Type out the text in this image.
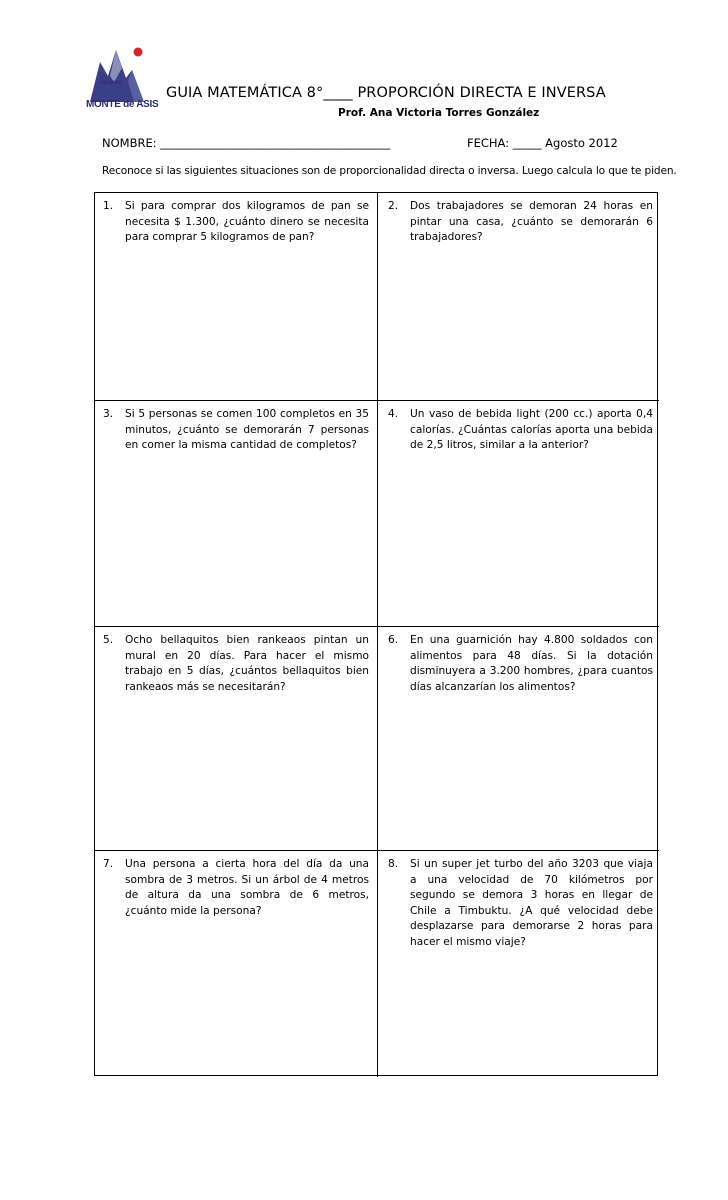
COLEGIO
MONTE de ASIS
GUIA MATEMÁTICA 8°____ PROPORCIÓN DIRECTA E INVERSA
Prof. Ana Victoria Torres González
NOMBRE: ________________________________________	FECHA: _____ Agosto 2012
Reconoce si las siguientes situaciones son de proporcionalidad directa o inversa. Luego calcula lo que te piden.
1.	Si para comprar dos kilogramos de pan se necesita $ 1.300, ¿cuánto dinero se necesita para comprar 5 kilogramos de pan?
2.	Dos trabajadores se demoran 24 horas en pintar una casa, ¿cuánto se demorarán 6 trabajadores?
3.	Si 5 personas se comen 100 completos en 35 minutos, ¿cuánto se demorarán 7 personas en comer la misma cantidad de completos?
4.	Un vaso de bebida light (200 cc.) aporta 0,4 calorías. ¿Cuántas calorías aporta una bebida de 2,5 litros, similar a la anterior?
5.	Ocho bellaquitos bien rankeaos pintan un mural en 20 días. Para hacer el mismo trabajo en 5 días, ¿cuántos bellaquitos bien rankeaos más se necesitarán?
6.	En una guarnición hay 4.800 soldados con alimentos para 48 días. Si la dotación disminuyera a 3.200 hombres, ¿para cuantos días alcanzarían los alimentos?
7.	Una persona a cierta hora del día da una sombra de 3 metros. Si un árbol de 4 metros de altura da una sombra de 6 metros, ¿cuánto mide la persona?
8.	Si un super jet turbo del año 3203 que viaja a una velocidad de 70 kilómetros por segundo se demora 3 horas en llegar de Chile a Timbuktu. ¿A qué velocidad debe desplazarse para demorarse 2 horas para hacer el mismo viaje?
